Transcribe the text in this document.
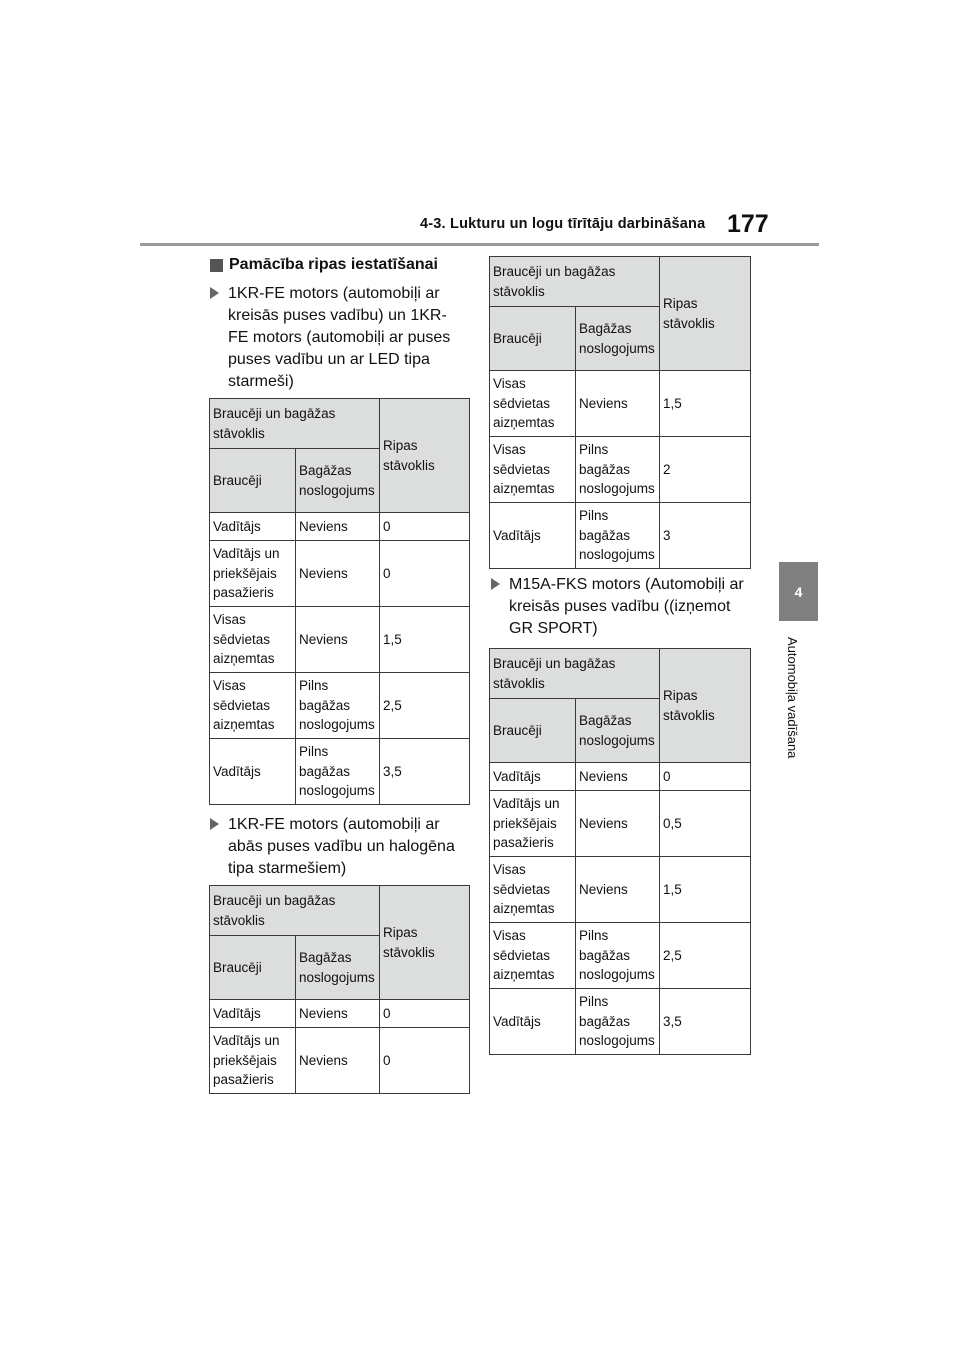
4-3. Lukturu un logu tīrītāju darbināšana 177
4
Automobiļa vadīšana
Pamācība ripas iestatīšanai
1KR-FE motors (automobiļi ar kreisās puses vadību) un 1KR-FE motors (automobiļi ar puses puses vadību un ar LED tipa starmeši)
Braucēji un bagāžas stāvoklis		Ripas stāvoklis
Braucēji	Bagāžas noslogojums	
Vadītājs	Neviens	0
Vadītājs un priekšējais pasažieris	Neviens	0
Visas sēdvietas aizņemtas	Neviens	1,5
Visas sēdvietas aizņemtas	Pilns bagāžas noslogojums	2,5
Vadītājs	Pilns bagāžas noslogojums	3,5
1KR-FE motors (automobiļi ar abās puses vadību un halogēna tipa starmešiem)
Braucēji un bagāžas stāvoklis		Ripas stāvoklis
Braucēji	Bagāžas noslogojums	
Vadītājs	Neviens	0
Vadītājs un priekšējais pasažieris	Neviens	0
Braucēji un bagāžas stāvoklis		Ripas stāvoklis
Braucēji	Bagāžas noslogojums	
Visas sēdvietas aizņemtas	Neviens	1,5
Visas sēdvietas aizņemtas	Pilns bagāžas noslogojums	2
Vadītājs	Pilns bagāžas noslogojums	3
M15A-FKS motors (Automobiļi ar kreisās puses vadību ((izņemot GR SPORT)
Braucēji un bagāžas stāvoklis		Ripas stāvoklis
Braucēji	Bagāžas noslogojums	
Vadītājs	Neviens	0
Vadītājs un priekšējais pasažieris	Neviens	0,5
Visas sēdvietas aizņemtas	Neviens	1,5
Visas sēdvietas aizņemtas	Pilns bagāžas noslogojums	2,5
Vadītājs	Pilns bagāžas noslogojums	3,5
